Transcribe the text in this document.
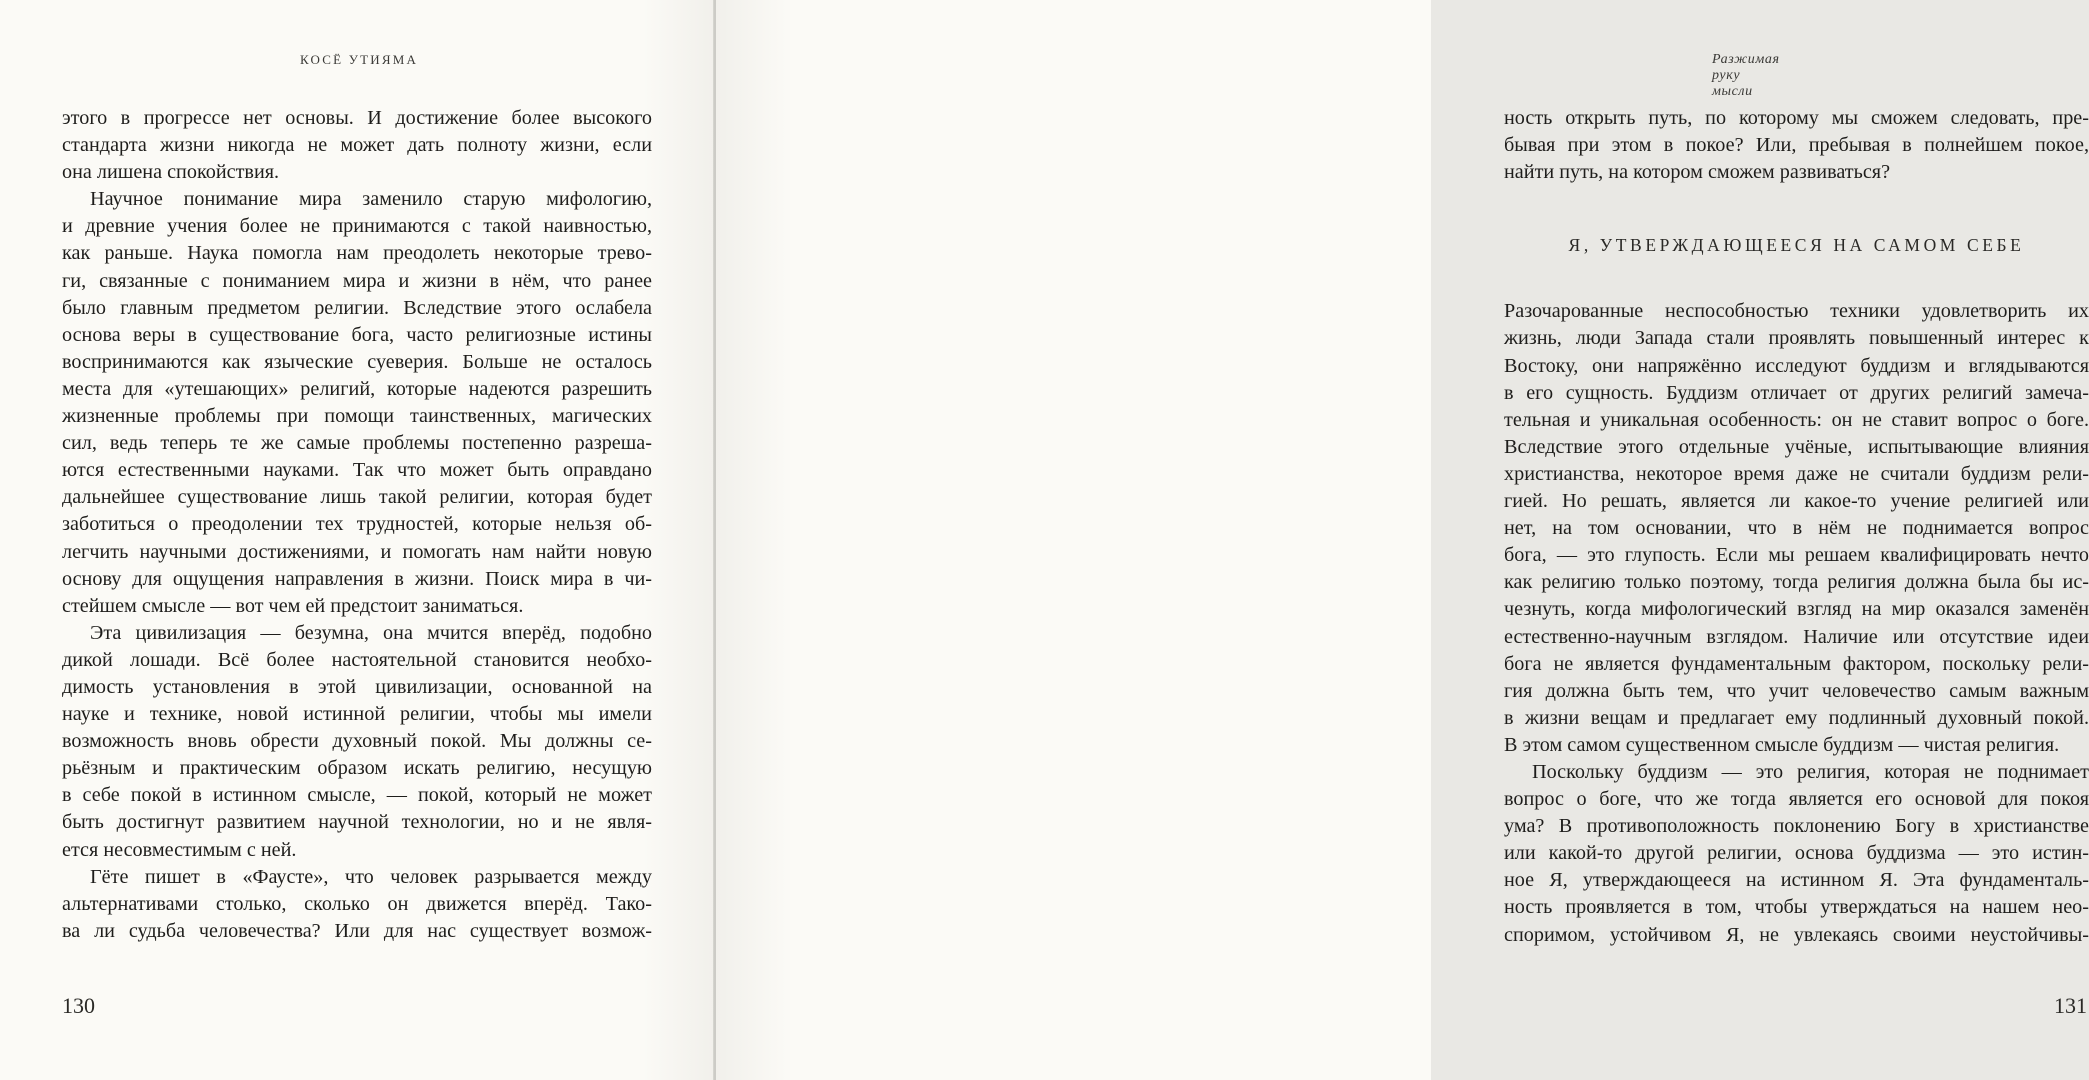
КОСЁ УТИЯМА
этого в прогрессе нет основы. И достижение более высокого
стандарта жизни никогда не может дать полноту жизни, если
она лишена спокойствия.
Научное понимание мира заменило старую мифологию,
и древние учения более не принимаются с такой наивностью,
как раньше. Наука помогла нам преодолеть некоторые трево-
ги, связанные с пониманием мира и жизни в нём, что ранее
было главным предметом религии. Вследствие этого ослабела
основа веры в существование бога, часто религиозные истины
воспринимаются как языческие суеверия. Больше не осталось
места для «утешающих» религий, которые надеются разрешить
жизненные проблемы при помощи таинственных, магических
сил, ведь теперь те же самые проблемы постепенно разреша-
ются естественными науками. Так что может быть оправдано
дальнейшее существование лишь такой религии, которая будет
заботиться о преодолении тех трудностей, которые нельзя об-
легчить научными достижениями, и помогать нам найти новую
основу для ощущения направления в жизни. Поиск мира в чи-
стейшем смысле — вот чем ей предстоит заниматься.
Эта цивилизация — безумна, она мчится вперёд, подобно
дикой лошади. Всё более настоятельной становится необхо-
димость установления в этой цивилизации, основанной на
науке и технике, новой истинной религии, чтобы мы имели
возможность вновь обрести духовный покой. Мы должны се-
рьёзным и практическим образом искать религию, несущую
в себе покой в истинном смысле, — покой, который не может
быть достигнут развитием научной технологии, но и не явля-
ется несовместимым с ней.
Гёте пишет в «Фаусте», что человек разрывается между
альтернативами столько, сколько он движется вперёд. Тако-
ва ли судьба человечества? Или для нас существует возмож-
130
Разжимая руку мысли
ность открыть путь, по которому мы сможем следовать, пре-
бывая при этом в покое? Или, пребывая в полнейшем покое,
найти путь, на котором сможем развиваться?
Я, УТВЕРЖДАЮЩЕЕСЯ НА САМОМ СЕБЕ
Разочарованные неспособностью техники удовлетворить их
жизнь, люди Запада стали проявлять повышенный интерес к
Востоку, они напряжённо исследуют буддизм и вглядываются
в его сущность. Буддизм отличает от других религий замеча-
тельная и уникальная особенность: он не ставит вопрос о боге.
Вследствие этого отдельные учёные, испытывающие влияния
христианства, некоторое время даже не считали буддизм рели-
гией. Но решать, является ли какое-то учение религией или
нет, на том основании, что в нём не поднимается вопрос
бога, — это глупость. Если мы решаем квалифицировать нечто
как религию только поэтому, тогда религия должна была бы ис-
чезнуть, когда мифологический взгляд на мир оказался заменён
естественно-научным взглядом. Наличие или отсутствие идеи
бога не является фундаментальным фактором, поскольку рели-
гия должна быть тем, что учит человечество самым важным
в жизни вещам и предлагает ему подлинный духовный покой.
В этом самом существенном смысле буддизм — чистая религия.
Поскольку буддизм — это религия, которая не поднимает
вопрос о боге, что же тогда является его основой для покоя
ума? В противоположность поклонению Богу в христианстве
или какой-то другой религии, основа буддизма — это истин-
ное Я, утверждающееся на истинном Я. Эта фундаменталь-
ность проявляется в том, чтобы утверждаться на нашем нео-
споримом, устойчивом Я, не увлекаясь своими неустойчивы-
131
